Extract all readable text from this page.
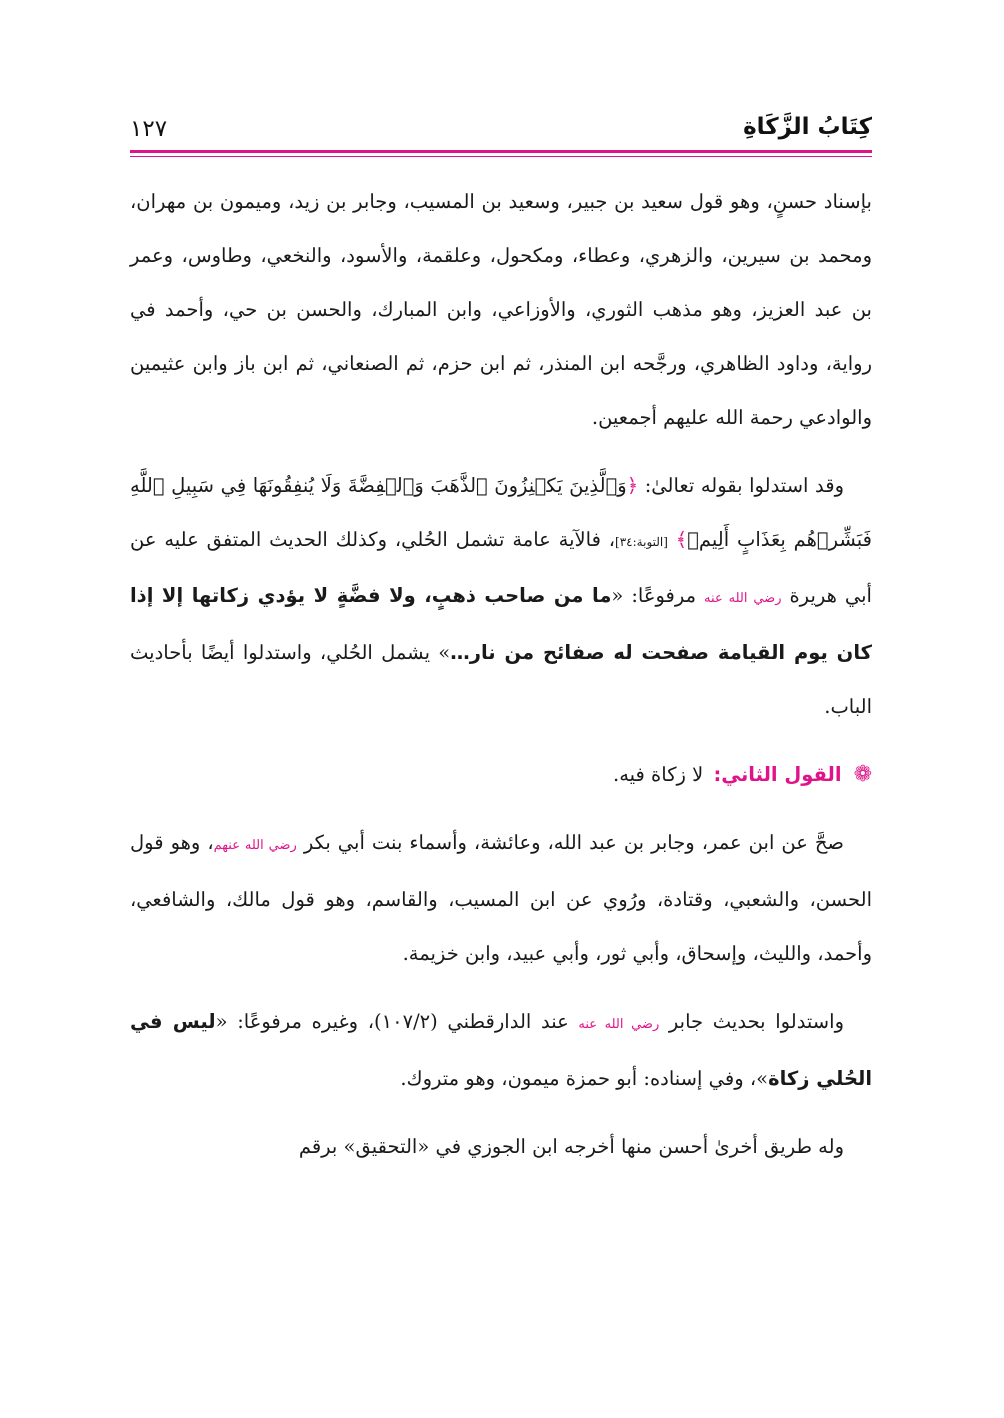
كِتَابُ الزَّكَاةِ
١٢٧

بإسناد حسنٍ، وهو قول سعيد بن جبير، وسعيد بن المسيب، وجابر بن زيد، وميمون بن مهران، ومحمد بن سيرين، والزهري، وعطاء، ومكحول، وعلقمة، والأسود، والنخعي، وطاوس، وعمر بن عبد العزيز، وهو مذهب الثوري، والأوزاعي، وابن المبارك، والحسن بن حي، وأحمد في رواية، وداود الظاهري، ورجَّحه ابن المنذر، ثم ابن حزم، ثم الصنعاني، ثم ابن باز وابن عثيمين والوادعي رحمة الله عليهم أجمعين.

وقد استدلوا بقوله تعالىٰ: ﴿وَٱلَّذِينَ يَكۡنِزُونَ ٱلذَّهَبَ وَٱلۡفِضَّةَ وَلَا يُنفِقُونَهَا فِي سَبِيلِ ٱللَّهِ فَبَشِّرۡهُم بِعَذَابٍ أَلِيمٖ﴾ [التوبة:٣٤]، فالآية عامة تشمل الحُلي، وكذلك الحديث المتفق عليه عن أبي هريرة رضي الله عنه مرفوعًا: «ما من صاحب ذهبٍ، ولا فضَّةٍ لا يؤدي زكاتها إلا إذا كان يوم القيامة صفحت له صفائح من نار…» يشمل الحُلي، واستدلوا أيضًا بأحاديث الباب.

❁القول الثاني: لا زكاة فيه.

صحَّ عن ابن عمر، وجابر بن عبد الله، وعائشة، وأسماء بنت أبي بكر رضي الله عنهم، وهو قول الحسن، والشعبي، وقتادة، ورُوي عن ابن المسيب، والقاسم، وهو قول مالك، والشافعي، وأحمد، والليث، وإسحاق، وأبي ثور، وأبي عبيد، وابن خزيمة.

واستدلوا بحديث جابر رضي الله عنه عند الدارقطني (١٠٧/٢)، وغيره مرفوعًا: «ليس في الحُلي زكاة»، وفي إسناده: أبو حمزة ميمون، وهو متروك.

وله طريق أخرىٰ أحسن منها أخرجه ابن الجوزي في «التحقيق» برقم
